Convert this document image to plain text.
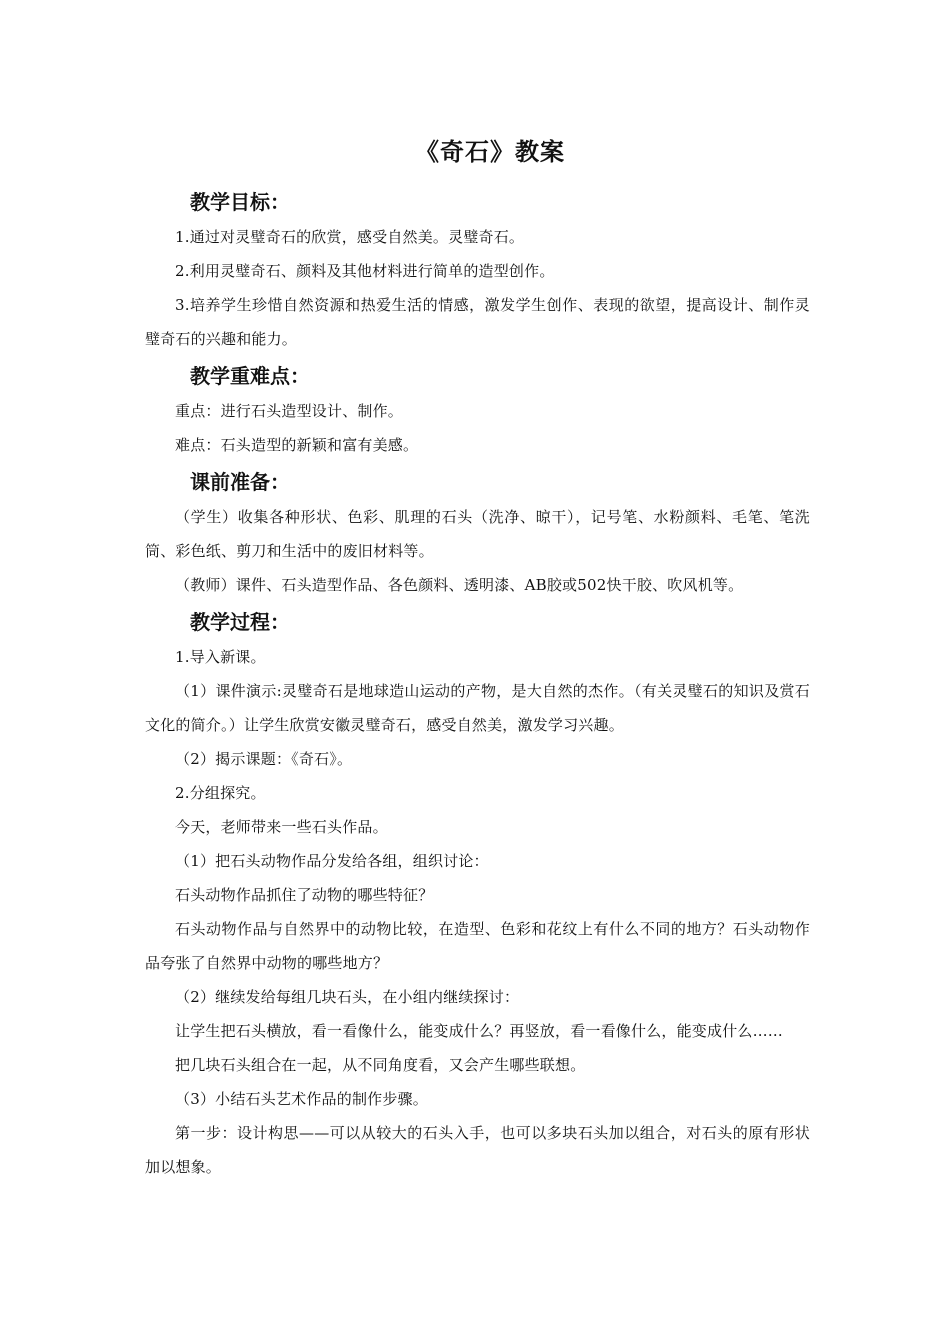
《奇石》教案
教学目标：
1.通过对灵璧奇石的欣赏，感受自然美。灵璧奇石。
2.利用灵璧奇石、颜料及其他材料进行简单的造型创作。
3.培养学生珍惜自然资源和热爱生活的情感，激发学生创作、表现的欲望，提高设计、制作灵璧奇石的兴趣和能力。
教学重难点：
重点：进行石头造型设计、制作。
难点：石头造型的新颖和富有美感。
课前准备：
（学生）收集各种形状、色彩、肌理的石头（洗净、晾干），记号笔、水粉颜料、毛笔、笔洗筒、彩色纸、剪刀和生活中的废旧材料等。
（教师）课件、石头造型作品、各色颜料、透明漆、AB胶或502快干胶、吹风机等。
教学过程：
1.导入新课。
（1）课件演示:灵璧奇石是地球造山运动的产物，是大自然的杰作。（有关灵璧石的知识及赏石文化的简介。）让学生欣赏安徽灵璧奇石，感受自然美，激发学习兴趣。
（2）揭示课题：《奇石》。
2.分组探究。
今天，老师带来一些石头作品。
（1）把石头动物作品分发给各组，组织讨论：
石头动物作品抓住了动物的哪些特征？
石头动物作品与自然界中的动物比较，在造型、色彩和花纹上有什么不同的地方？石头动物作品夸张了自然界中动物的哪些地方？
（2）继续发给每组几块石头，在小组内继续探讨：
让学生把石头横放，看一看像什么，能变成什么？再竖放，看一看像什么，能变成什么……
把几块石头组合在一起，从不同角度看，又会产生哪些联想。
（3）小结石头艺术作品的制作步骤。
第一步：设计构思——可以从较大的石头入手，也可以多块石头加以组合，对石头的原有形状加以想象。
